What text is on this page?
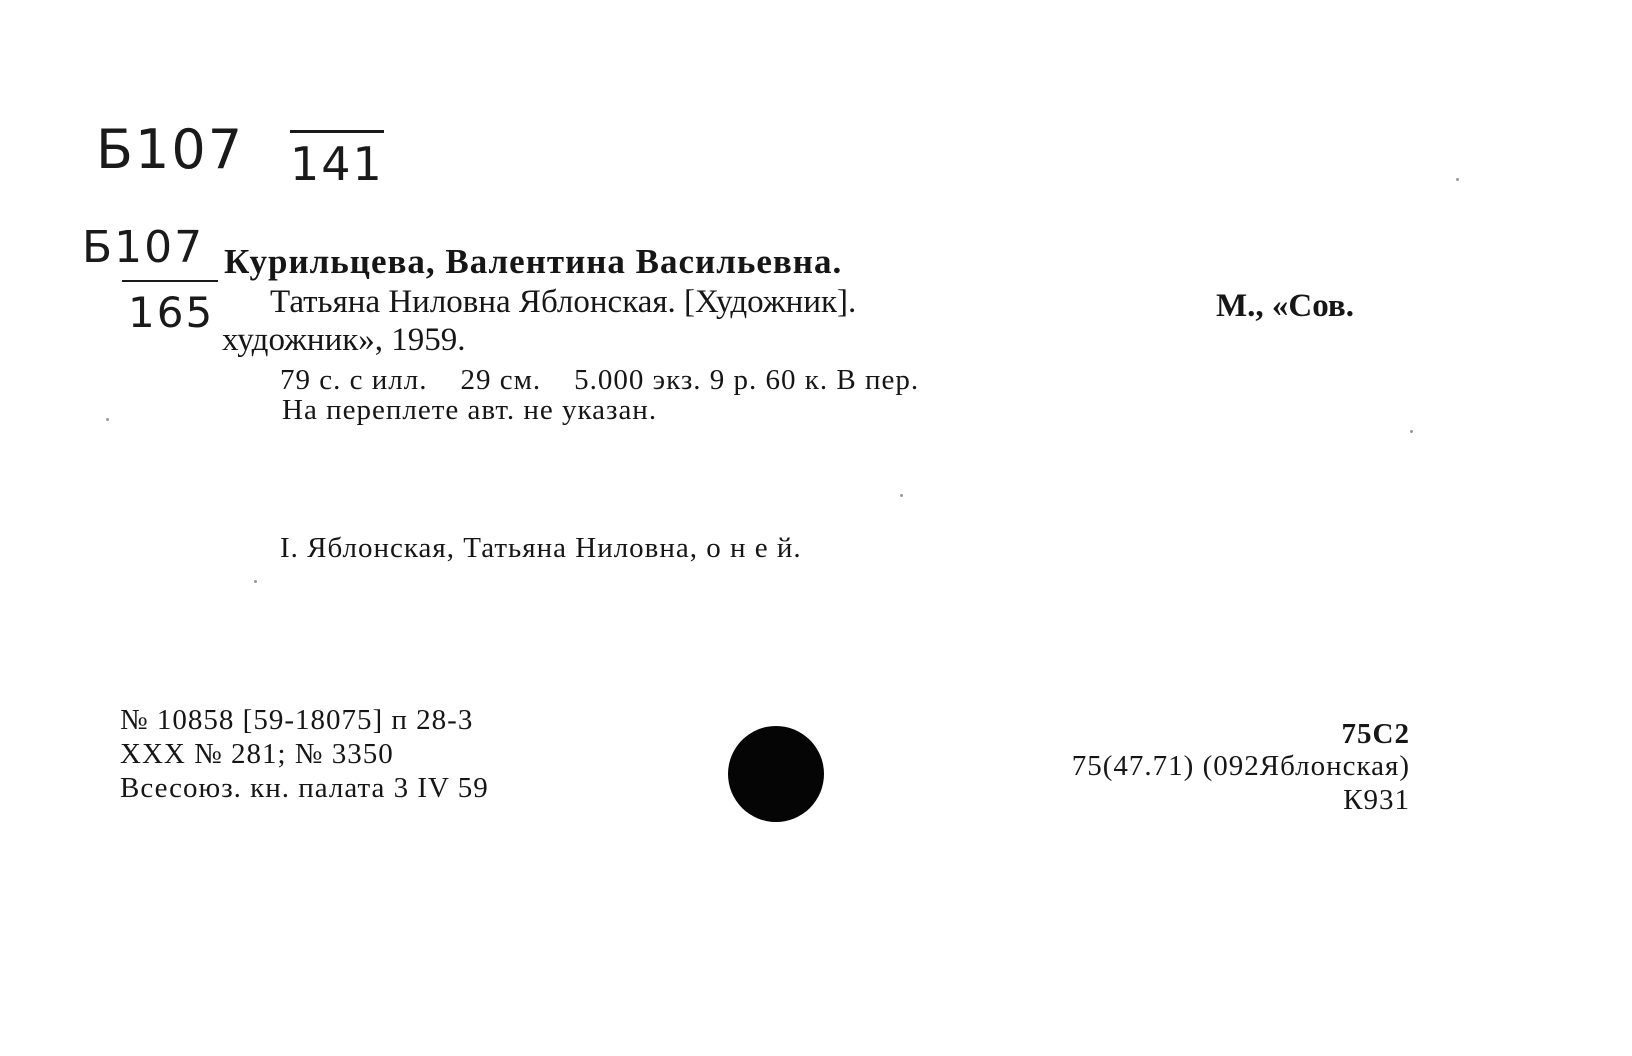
Б107 141
Б107
165
Курильцева, Валентина Васильевна.
Татьяна Ниловна Яблонская. [Художник].	М., «Сов.
художник», 1959.
79 с. с илл.    29 см.    5.000 экз. 9 р. 60 к. В пер.
На переплете авт. не указан.
I. Яблонская, Татьяна Ниловна, о н е й.
№ 10858 [59-18075] п 28-3
XXX № 281; № 3350
Всесоюз. кн. палата 3 IV 59
75С2
75(47.71) (092Яблонская)
К931
